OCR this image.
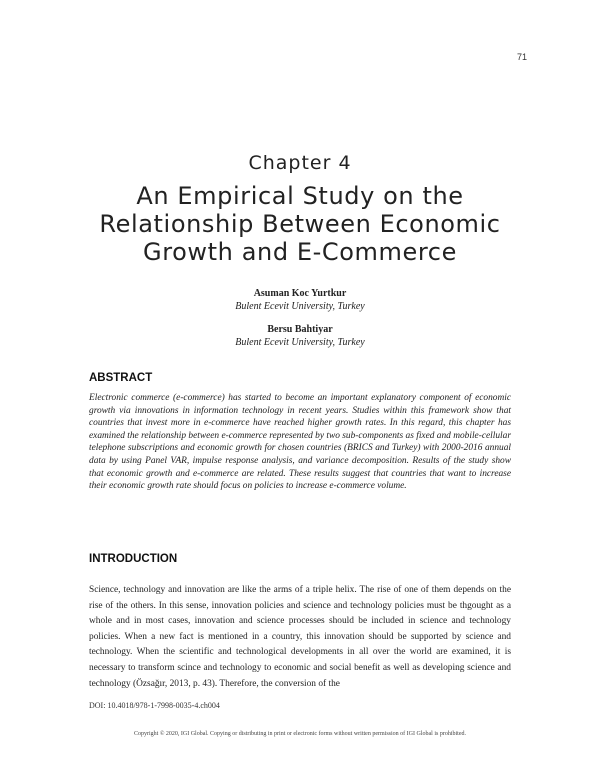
71
Chapter 4
An Empirical Study on the Relationship Between Economic Growth and E-Commerce
Asuman Koc Yurtkur
Bulent Ecevit University, Turkey
Bersu Bahtiyar
Bulent Ecevit University, Turkey
ABSTRACT

Electronic commerce (e-commerce) has started to become an important explanatory component of economic growth via innovations in information technology in recent years. Studies within this framework show that countries that invest more in e-commerce have reached higher growth rates. In this regard, this chapter has examined the relationship between e-commerce represented by two sub-components as fixed and mobile-cellular telephone subscriptions and economic growth for chosen countries (BRICS and Turkey) with 2000-2016 annual data by using Panel VAR, impulse response analysis, and variance decomposition. Results of the study show that economic growth and e-commerce are related. These results suggest that countries that want to increase their economic growth rate should focus on policies to increase e-commerce volume.

INTRODUCTION

Science, technology and innovation are like the arms of a triple helix. The rise of one of them depends on the rise of the others. In this sense, innovation policies and science and technology policies must be thgought as a whole and in most cases, innovation and science processes should be included in science and technology policies. When a new fact is mentioned in a country, this innovation should be supported by science and technology. When the scientific and technological developments in all over the world are examined, it is necessary to transform scince and technology to economic and social benefit as well as developing science and technology (Özsağır, 2013, p. 43). Therefore, the conversion of the

DOI: 10.4018/978-1-7998-0035-4.ch004
Copyright © 2020, IGI Global. Copying or distributing in print or electronic forms without written permission of IGI Global is prohibited.
